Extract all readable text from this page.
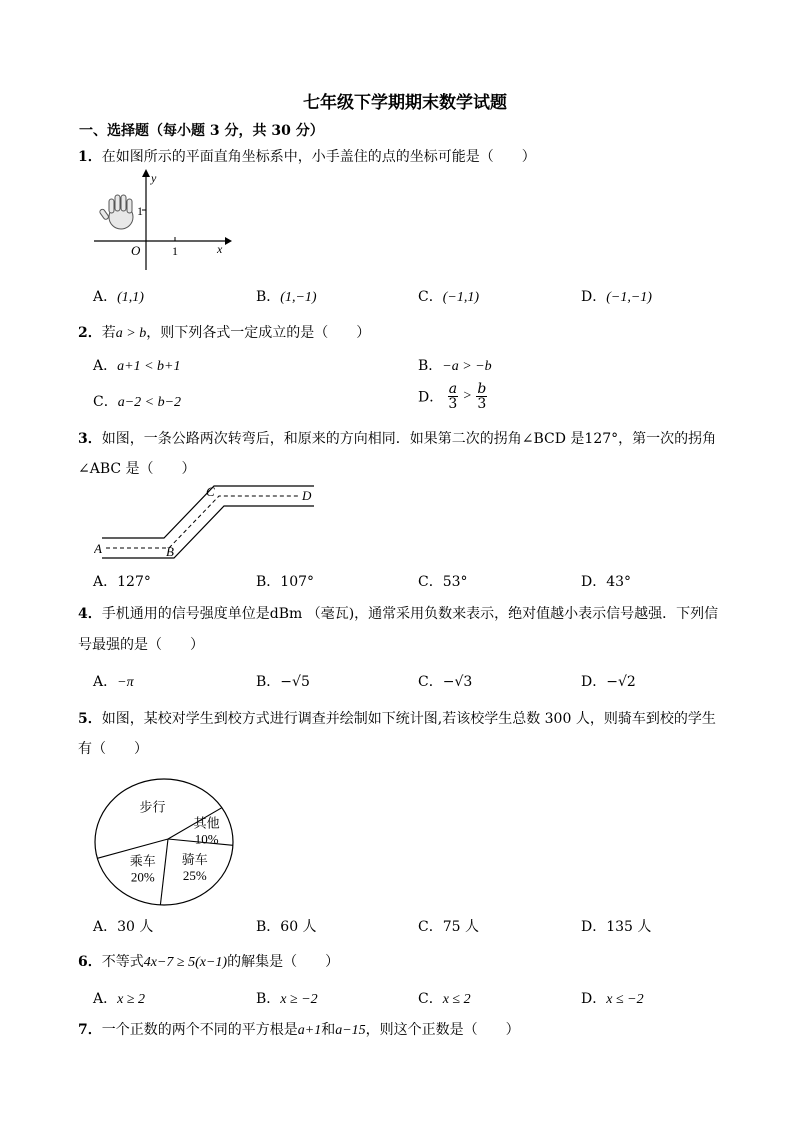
七年级下学期期末数学试题
一、选择题（每小题 3 分，共 30 分）
1．在如图所示的平面直角坐标系中，小手盖住的点的坐标可能是（　　）
y
x
O
1
1
A．(1,1)	B．(1,−1)	C．(−1,1)	D．(−1,−1)
2．若a > b，则下列各式一定成立的是（　　）
A．a+1 < b+1	B．−a > −b
C．a−2 < b−2	D． $\frac{a}{3} > \frac{b}{3}$
3．如图，一条公路两次转弯后，和原来的方向相同．如果第二次的拐角∠BCD 是127°，第一次的拐角
∠ABC 是（　　）
A	B
C	D
A．127°	B．107°	C．53°	D．43°
4．手机通用的信号强度单位是dBm （毫瓦)，通常采用负数来表示，绝对值越小表示信号越强．下列信
号最强的是（　　）
A．−π	B．−√5	C．−√3	D．−√2
5．如图，某校对学生到校方式进行调查并绘制如下统计图,若该校学生总数 300 人，则骑车到校的学生
有（　　）
步行
其他
10%
骑车
25%
乘车
20%
A．30 人	B．60 人	C．75 人	D．135 人
6．不等式4x−7 ≥ 5(x−1)的解集是（　　）
A．x ≥ 2	B．x ≥ −2	C．x ≤ 2	D．x ≤ −2
7．一个正数的两个不同的平方根是a+1和a−15，则这个正数是（　　）
